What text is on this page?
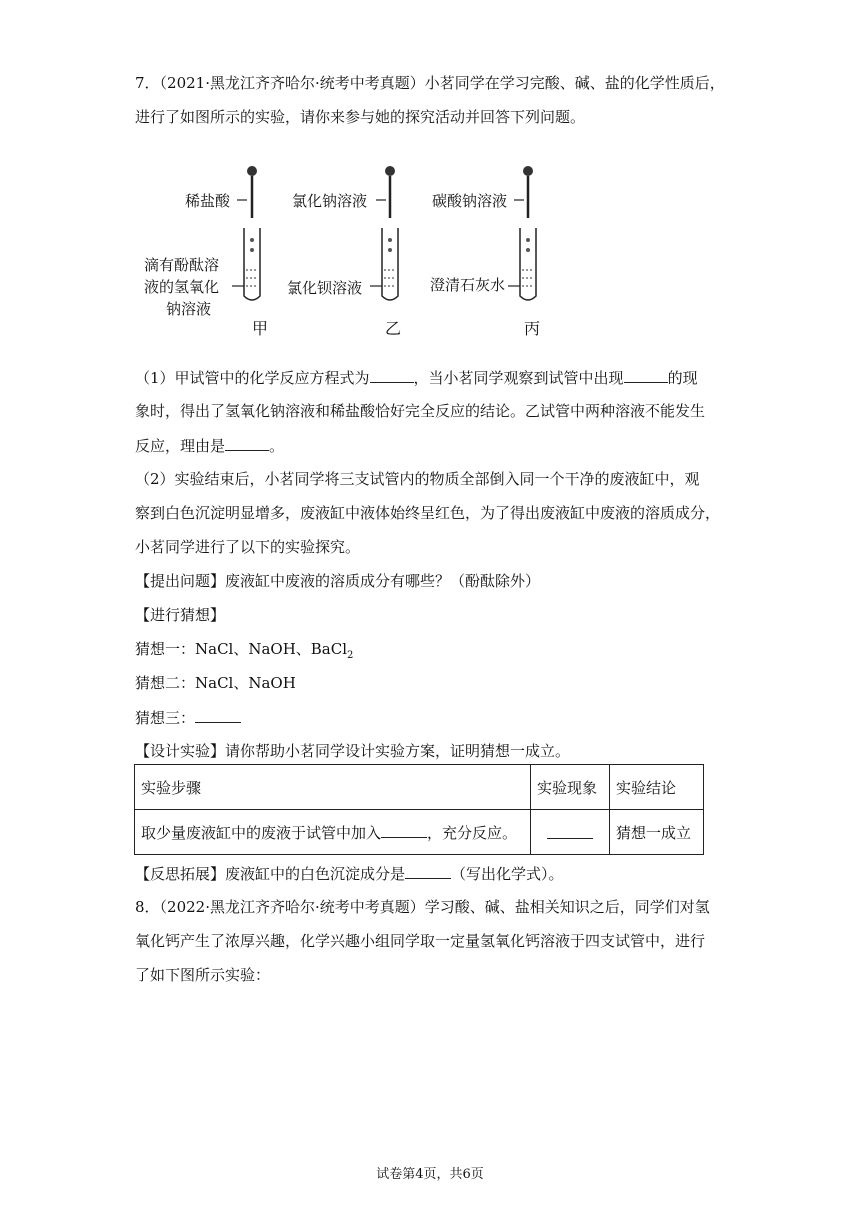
7．（2021·黑龙江齐齐哈尔·统考中考真题）小茗同学在学习完酸、碱、盐的化学性质后，
进行了如图所示的实验，请你来参与她的探究活动并回答下列问题。
稀盐酸
滴有酚酞溶
液的氢氧化
钠溶液
甲
氯化钠溶液
氯化钡溶液
乙
碳酸钠溶液
澄清石灰水
丙
（1）甲试管中的化学反应方程式为	，当小茗同学观察到试管中出现	的现
象时，得出了氢氧化钠溶液和稀盐酸恰好完全反应的结论。乙试管中两种溶液不能发生
反应，理由是	。
（2）实验结束后，小茗同学将三支试管内的物质全部倒入同一个干净的废液缸中，观
察到白色沉淀明显增多，废液缸中液体始终呈红色，为了得出废液缸中废液的溶质成分，
小茗同学进行了以下的实验探究。
【提出问题】废液缸中废液的溶质成分有哪些？（酚酞除外）
【进行猜想】
猜想一：NaCl、NaOH、BaCl$_2$
猜想二：NaCl、NaOH
猜想三：
【设计实验】请你帮助小茗同学设计实验方案，证明猜想一成立。
实验步骤	实验现象	实验结论
取少量废液缸中的废液于试管中加入 ，充分反应。		猜想一成立
【反思拓展】废液缸中的白色沉淀成分是	（写出化学式）。
8．（2022·黑龙江齐齐哈尔·统考中考真题）学习酸、碱、盐相关知识之后，同学们对氢
氧化钙产生了浓厚兴趣，化学兴趣小组同学取一定量氢氧化钙溶液于四支试管中，进行
了如下图所示实验：
试卷第4页，共6页
